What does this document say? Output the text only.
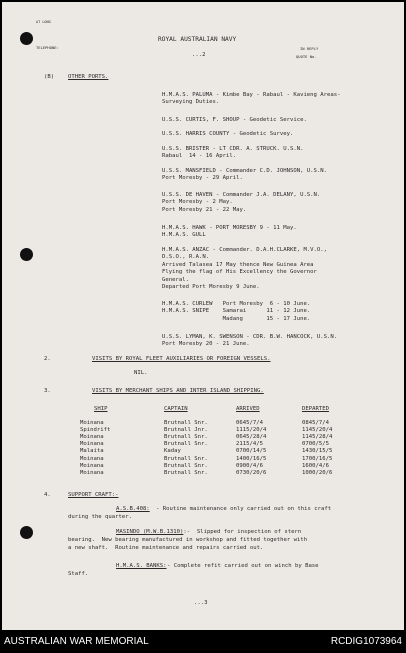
AT LONG
TELEPHONE:
ROYAL AUSTRALIAN NAVY
...2
IN REPLY
QUOTE No.
(B) OTHER PORTS.
H.M.A.S. PALUMA - Kimbe Bay - Rabaul - Kavieng Areas-
Surveying Duties.
U.S.S. CURTIS, F. SHOUP - Geodetic Service.
U.S.S. HARRIS COUNTY - Geodetic Survey.
U.S.S. BRISTER - LT CDR. A. STRUCK. U.S.N.
Rabaul  14 - 16 April.
U.S.S. MANSFIELD - Commander C.D. JOHNSON, U.S.N.
Port Moresby - 29 April.
U.S.S. DE HAVEN - Commander J.A. DELANY, U.S.N.
Port Moresby - 2 May.
Port Moresby 21 - 22 May.
H.M.A.S. HAWK - PORT MORESBY 9 - 11 May.
H.M.A.S. GULL
H.M.A.S. ANZAC - Commander. D.A.H.CLARKE, M.V.O.,
D.S.O., R.A.N.
Arrived Talasea 17 May thence New Guinea Area
Flying the flag of His Excellency the Governor
General.
Departed Port Moresby 9 June.
H.M.A.S. CURLEW   Port Moresby  6 - 10 June.
H.M.A.S. SNIPE    Samarai      11 - 12 June.
Madang       15 - 17 June.
U.S.S. LYMAN, K. SWENSON - CDR. B.W. HANCOCK, U.S.N.
Port Moresby 20 - 21 June.
2.	VISITS BY ROYAL FLEET AUXILIARIES OR FOREIGN VESSELS.
NIL.
3.	VISITS BY MERCHANT SHIPS AND INTER ISLAND SHIPPING.
SHIP	CAPTAIN	ARRIVED	DEPARTED
Moinana	Brutnall Snr.	0645/7/4	0845/7/4
Spindrift	Brutnall Jnr.	1115/20/4	1145/20/4
Moinana	Brutnall Snr.	0645/28/4	1145/28/4
Moinana	Brutnall Snr.	2115/4/5	0700/5/5
Malaita	Kaday	0700/14/5	1430/15/5
Moinana	Brutnall Snr.	1400/16/5	1700/16/5
Moinana	Brutnall Snr.	0900/4/6	1600/4/6
Moinana	Brutnall Snr.	0730/20/6	1000/20/6
4.	SUPPORT CRAFT:-
A.S.B.408: - Routine maintenance only carried out on this craft
during the quarter.
MASINDO (M.W.B.1310)
:-  Slipped for inspection of stern
bearing.  New bearing manufactured in workshop and fitted together with
a new shaft.  Routine maintenance and repairs carried out.
H.M.A.S. BANKS: - Complete refit carried out on winch by Base
Staff.
...3
AUSTRALIAN WAR MEMORIAL	RCDIG1073964
